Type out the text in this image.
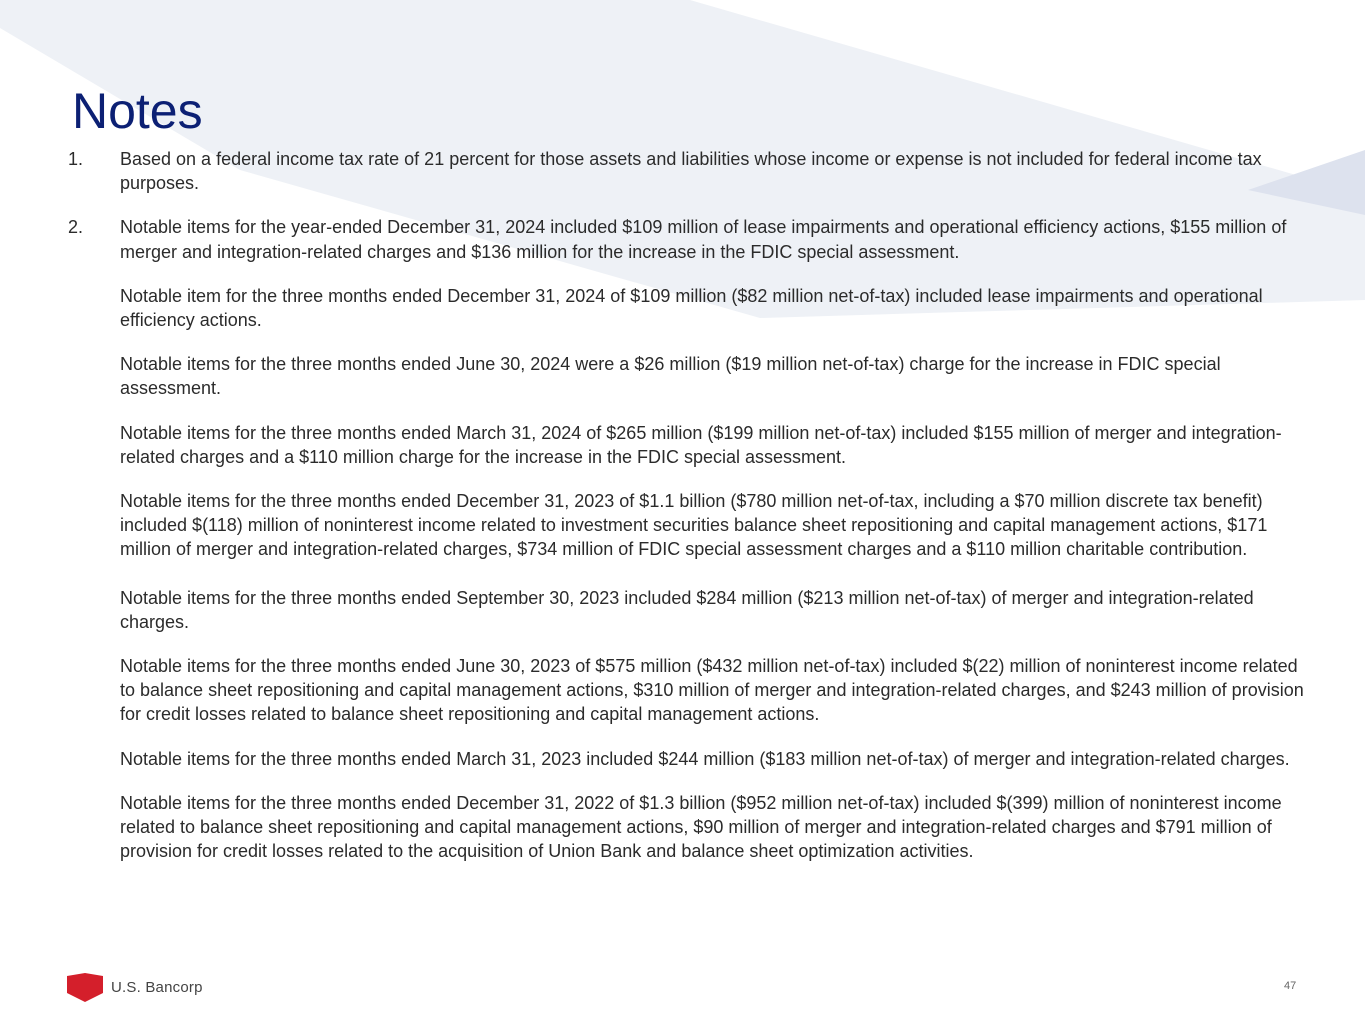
Notes
1. Based on a federal income tax rate of 21 percent for those assets and liabilities whose income or expense is not included for federal income tax purposes.

2. Notable items for the year-ended December 31, 2024 included $109 million of lease impairments and operational efficiency actions, $155 million of merger and integration-related charges and $136 million for the increase in the FDIC special assessment.

Notable item for the three months ended December 31, 2024 of $109 million ($82 million net-of-tax) included lease impairments and operational efficiency actions.

Notable items for the three months ended June 30, 2024 were a $26 million ($19 million net-of-tax) charge for the increase in FDIC special assessment.

Notable items for the three months ended March 31, 2024 of $265 million ($199 million net-of-tax) included $155 million of merger and integration-related charges and a $110 million charge for the increase in the FDIC special assessment.

Notable items for the three months ended December 31, 2023 of $1.1 billion ($780 million net-of-tax, including a $70 million discrete tax benefit) included $(118) million of noninterest income related to investment securities balance sheet repositioning and capital management actions, $171 million of merger and integration-related charges, $734 million of FDIC special assessment charges and a $110 million charitable contribution.

Notable items for the three months ended September 30, 2023 included $284 million ($213 million net-of-tax) of merger and integration-related charges.

Notable items for the three months ended June 30, 2023 of $575 million ($432 million net-of-tax) included $(22) million of noninterest income related to balance sheet repositioning and capital management actions, $310 million of merger and integration-related charges, and $243 million of provision for credit losses related to balance sheet repositioning and capital management actions.

Notable items for the three months ended March 31, 2023 included $244 million ($183 million net-of-tax) of merger and integration-related charges.

Notable items for the three months ended December 31, 2022 of $1.3 billion ($952 million net-of-tax) included $(399) million of noninterest income related to balance sheet repositioning and capital management actions, $90 million of merger and integration-related charges and $791 million of provision for credit losses related to the acquisition of Union Bank and balance sheet optimization activities.

U.S. Bancorp	47
